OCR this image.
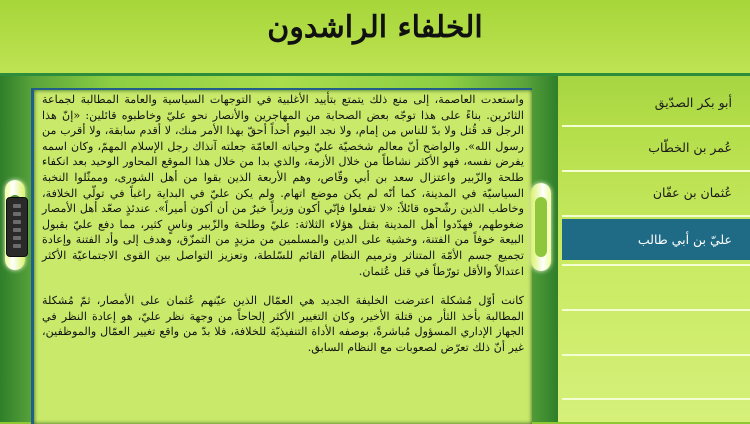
الخلفاء الراشدون

واستعدت العاصمة، إلى منع ذلك يتمتع بتأييد الأغلبية في التوجهات السياسية والعامة المطالبة لجماعة الثائرين. بناءً على هذا توجّه بعض الصحابة من المهاجرين والأنصار نحو عليّ وخاطبوه قائلين: «إنّ هذا الرجل قد قُتل ولا بدّ للناس من إمام، ولا نجد اليوم أحداً أحقّ بهذا الأمر منك، لا أقدم سابقة، ولا أقرب من رسول الله». والواضح أنّ معالم شخصيّة عليّ وحياته العامّة جعلته آنذاك رجل الإسلام المهمّ، وكان اسمه يفرض نفسه، فهو الأكثر نشاطاً من خلال الأزمة، والذي بدا من خلال هذا الموقع المحاور الوحيد بعد انكفاء طلحة والزّبير واعتزال سعد بن أبي وقّاص، وهم الأربعة الذين بقوا من أهل الشورى، وممثّلوا النخبة السياسيّة في المدينة، كما أنّه لم يكن موضع اتهام. ولم يكن عليّ في البداية راغباً في تولّي الخلافة، وخاطب الذين رشّحوه قائلاً: «لا تفعلوا فإنّي أكون وزيراً خيرٌ من أن أكون أميراً». عندئذٍ صعّد أهل الأمصار ضغوطهم، فهدّدوا أهل المدينة بقتل هؤلاء الثلاثة: عليّ وطلحة والزّبير وناسٍ كثير، مما دفع عليّ بقبول البيعة خوفاً من الفتنة، وخشية على الدين والمسلمين من مزيدٍ من التمزّق، وهدف إلى وأد الفتنة وإعادة تجميع جسم الأمّة المتناثر وترميم النظام القائم للسّلطة، وتعزيز التواصل بين القوى الاجتماعيّة الأكثر اعتدالاً والأقل تورّطاً في قتل عُثمان.

كانت أوّل مُشكلة اعترضت الخليفة الجديد هي العمّال الذين عيّنهم عُثمان على الأمصار، ثمّ مُشكلة المطالبة بأخذ الثأر من قتلة الأخير، وكان التغيير الأكثر إلحاحاً من وجهة نظر عليّ، هو إعادة النظر في الجهاز الإداري المسؤول مُباشرةً، بوصفه الأداة التنفيذيّة للخلافة، فلا بدّ من واقع تغيير العمّال والموظفين، غير أنّ ذلك تعرّض لصعوبات مع النظام السابق.

أبو بكر الصدّيق
عُمر بن الخطّاب
عُثمان بن عفّان
عليّ بن أبي طالب
